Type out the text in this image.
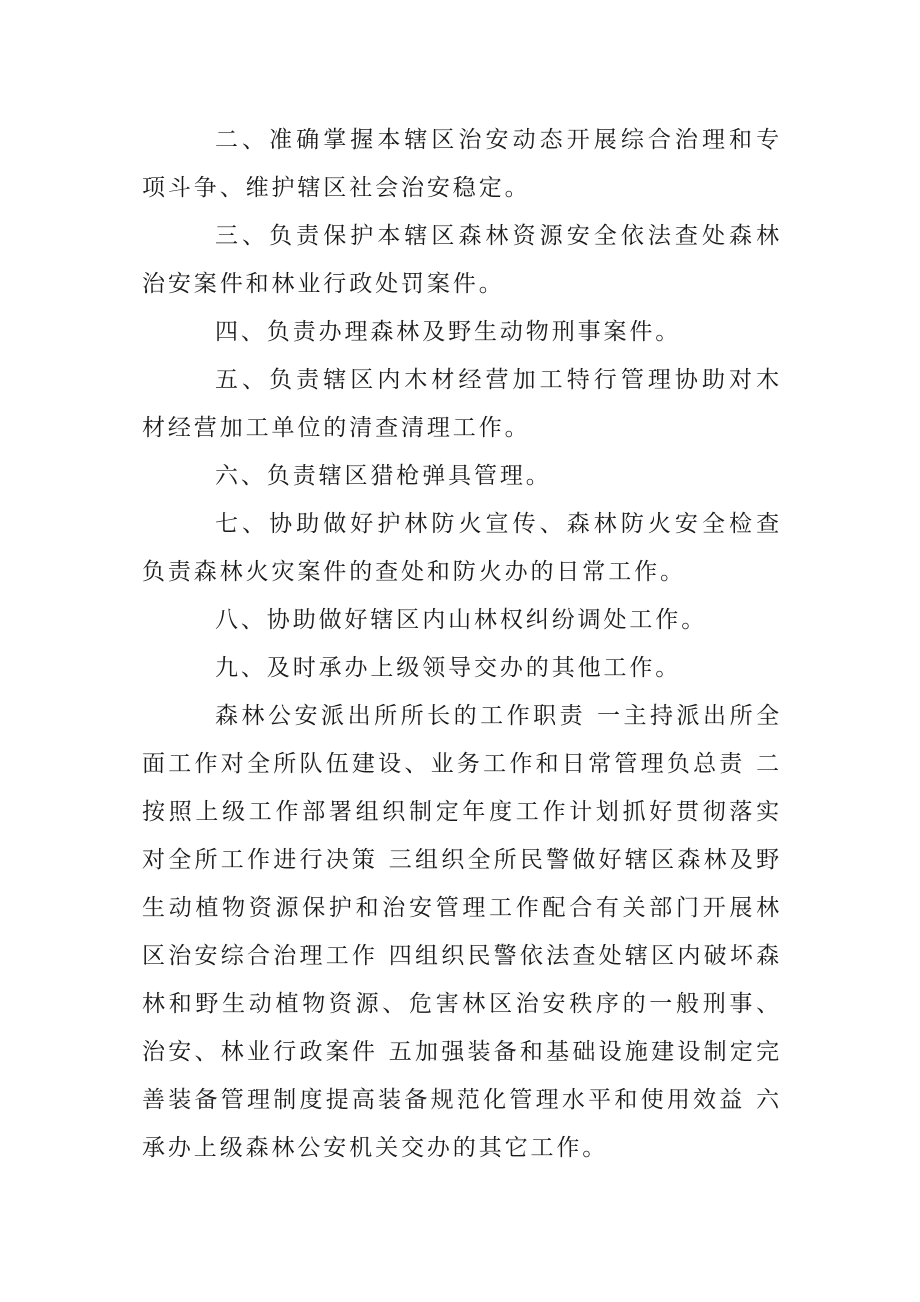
二、准确掌握本辖区治安动态开展综合治理和专项斗争、维护辖区社会治安稳定。

三、负责保护本辖区森林资源安全依法查处森林治安案件和林业行政处罚案件。

四、负责办理森林及野生动物刑事案件。

五、负责辖区内木材经营加工特行管理协助对木材经营加工单位的清查清理工作。

六、负责辖区猎枪弹具管理。

七、协助做好护林防火宣传、森林防火安全检查负责森林火灾案件的查处和防火办的日常工作。

八、协助做好辖区内山林权纠纷调处工作。

九、及时承办上级领导交办的其他工作。

森林公安派出所所长的工作职责 一主持派出所全面工作对全所队伍建设、业务工作和日常管理负总责 二按照上级工作部署组织制定年度工作计划抓好贯彻落实对全所工作进行决策 三组织全所民警做好辖区森林及野生动植物资源保护和治安管理工作配合有关部门开展林区治安综合治理工作 四组织民警依法查处辖区内破坏森林和野生动植物资源、危害林区治安秩序的一般刑事、治安、林业行政案件 五加强装备和基础设施建设制定完善装备管理制度提高装备规范化管理水平和使用效益 六承办上级森林公安机关交办的其它工作。
